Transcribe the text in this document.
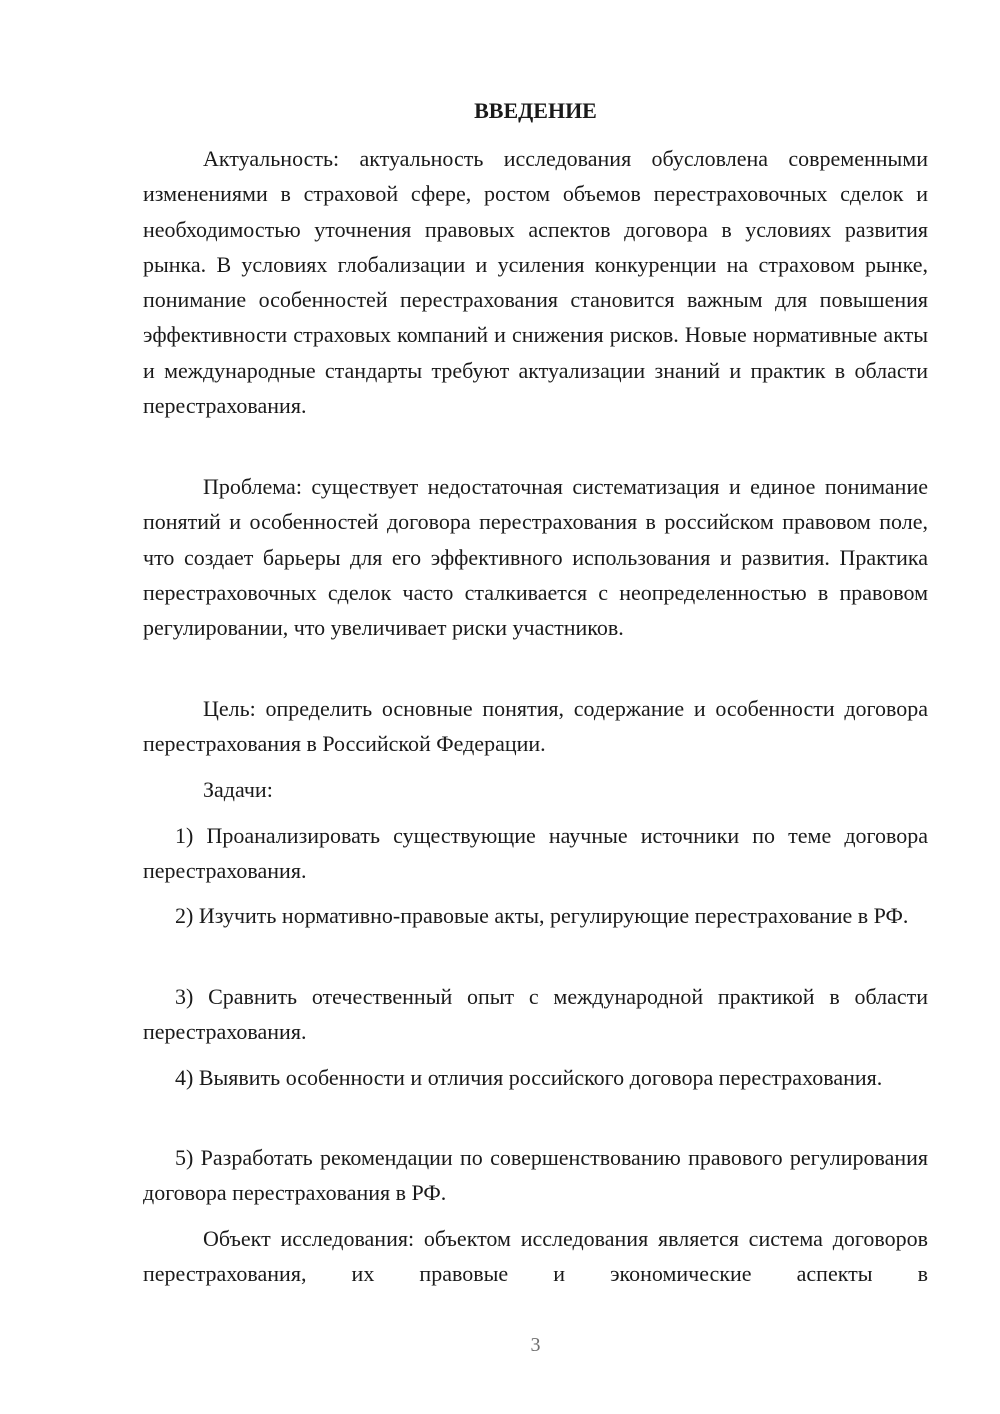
ВВЕДЕНИЕ

Актуальность: актуальность исследования обусловлена современными изменениями в страховой сфере, ростом объемов перестраховочных сделок и необходимостью уточнения правовых аспектов договора в условиях развития рынка. В условиях глобализации и усиления конкуренции на страховом рынке, понимание особенностей перестрахования становится важным для повышения эффективности страховых компаний и снижения рисков. Новые нормативные акты и международные стандарты требуют актуализации знаний и практик в области перестрахования.

Проблема: существует недостаточная систематизация и единое понимание понятий и особенностей договора перестрахования в российском правовом поле, что создает барьеры для его эффективного использования и развития. Практика перестраховочных сделок часто сталкивается с неопределенностью в правовом регулировании, что увеличивает риски участников.

Цель: определить основные понятия, содержание и особенности договора перестрахования в Российской Федерации.

Задачи:

1) Проанализировать существующие научные источники по теме договора перестрахования.

2) Изучить нормативно-правовые акты, регулирующие перестрахование в РФ.

3) Сравнить отечественный опыт с международной практикой в области перестрахования.

4) Выявить особенности и отличия российского договора перестрахования.

5) Разработать рекомендации по совершенствованию правового регулирования договора перестрахования в РФ.

Объект исследования: объектом исследования является система договоров перестрахования, их правовые и экономические аспекты в

3
